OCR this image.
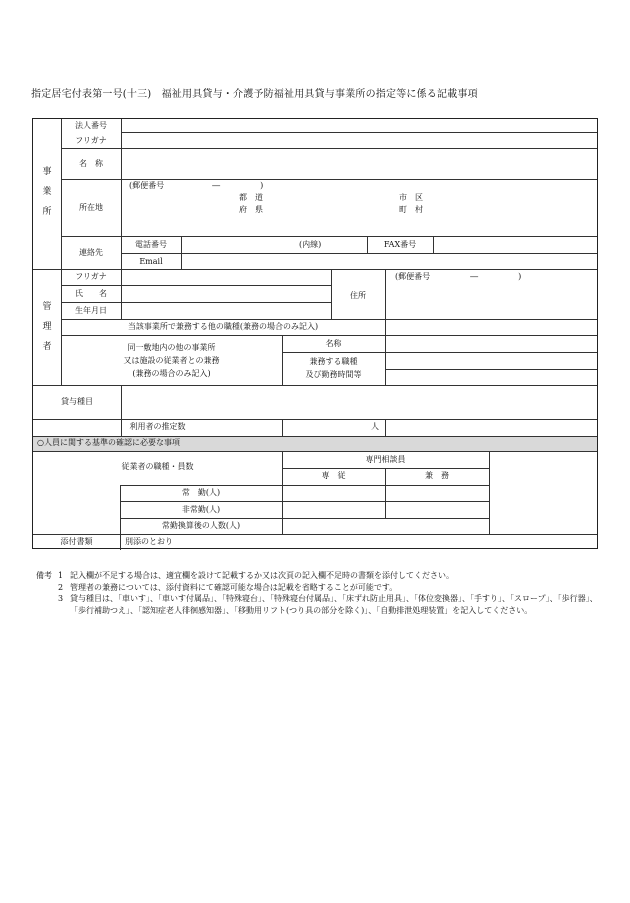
指定居宅付表第一号(十三)　福祉用具貸与・介護予防福祉用具貸与事業所の指定等に係る記載事項
事
業
所
法人番号
フリガナ
名　称
所在地
(郵便番号　　　　　　―　　　　　)
都　道
府　県
市　区
町　村
連絡先
電話番号	(内線)	FAX番号
Email
管
理
者
フリガナ
氏　　名
生年月日
住所
(郵便番号　　　　　―　　　　　)
当該事業所で兼務する他の職種(兼務の場合のみ記入)
同一敷地内の他の事業所
又は施設の従業者との兼務
(兼務の場合のみ記入)
名称
兼務する職種
及び勤務時間等
貸与種目
利用者の推定数	人
○人員に関する基準の確認に必要な事項
従業者の職種・員数
専門相談員
専　従	兼　務
常　勤(人)
非常勤(人)
常勤換算後の人数(人)
添付書類	別添のとおり
備考 1 記入欄が不足する場合は、適宜欄を設けて記載するか又は次頁の記入欄不足時の書類を添付してください。
2 管理者の兼務については、添付資料にて確認可能な場合は記載を省略することが可能です。
3 貸与種目は、「車いす」、「車いす付属品」、「特殊寝台」、「特殊寝台付属品」、「床ずれ防止用具」、「体位変換器」、「手すり」、「スロープ」、「歩行器」、「歩行補助つえ」、「認知症老人徘徊感知器」、「移動用リフト(つり具の部分を除く)」、「自動排泄処理装置」を記入してください。
